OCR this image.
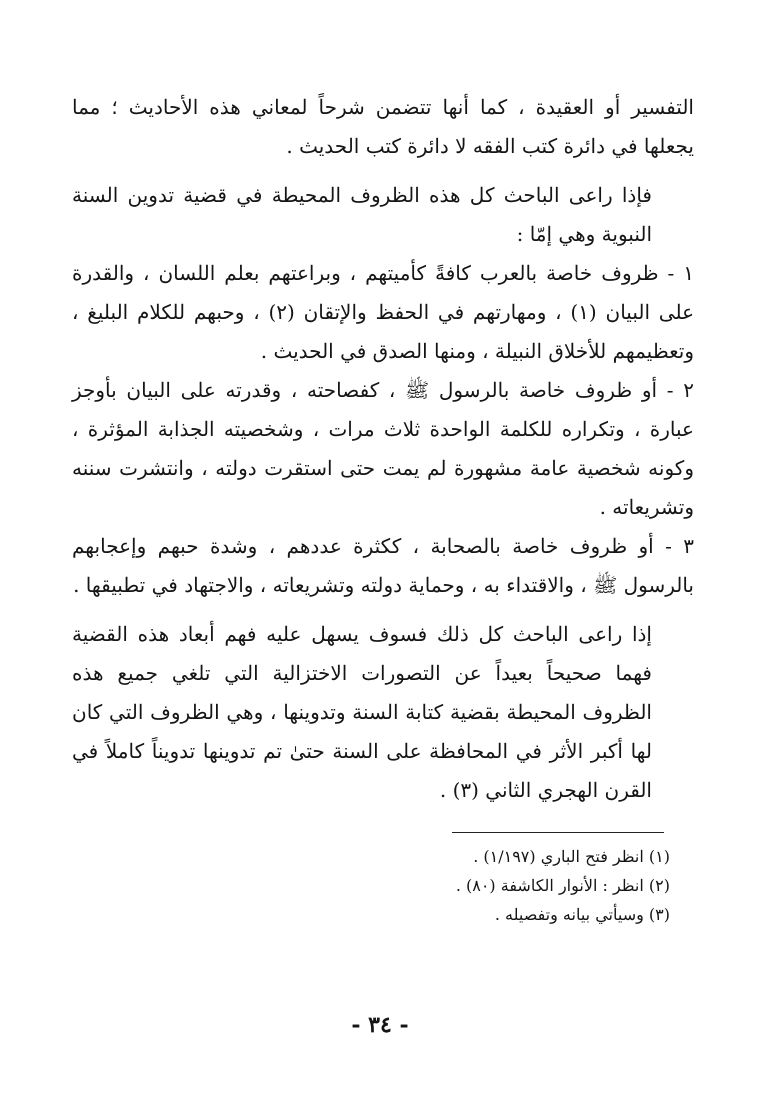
التفسير أو العقيدة ، كما أنها تتضمن شرحاً لمعاني هذه الأحاديث ؛ مما يجعلها في دائرة كتب الفقه لا دائرة كتب الحديث .

فإذا راعى الباحث كل هذه الظروف المحيطة في قضية تدوين السنة النبوية وهي إمّا :

١ - ظروف خاصة بالعرب كافةً كأميتهم ، وبراعتهم بعلم اللسان ، والقدرة على البيان (١) ، ومهارتهم في الحفظ والإتقان (٢) ، وحبهم للكلام البليغ ، وتعظيمهم للأخلاق النبيلة ، ومنها الصدق في الحديث .

٢ - أو ظروف خاصة بالرسول ﷺ ، كفصاحته ، وقدرته على البيان بأوجز عبارة ، وتكراره للكلمة الواحدة ثلاث مرات ، وشخصيته الجذابة المؤثرة ، وكونه شخصية عامة مشهورة لم يمت حتى استقرت دولته ، وانتشرت سننه وتشريعاته .

٣ - أو ظروف خاصة بالصحابة ، ككثرة عددهم ، وشدة حبهم وإعجابهم بالرسول ﷺ ، والاقتداء به ، وحماية دولته وتشريعاته ، والاجتهاد في تطبيقها .

إذا راعى الباحث كل ذلك فسوف يسهل عليه فهم أبعاد هذه القضية فهما صحيحاً بعيداً عن التصورات الاختزالية التي تلغي جميع هذه الظروف المحيطة بقضية كتابة السنة وتدوينها ، وهي الظروف التي كان لها أكبر الأثر في المحافظة على السنة حتىٰ تم تدوينها تدويناً كاملاً في القرن الهجري الثاني (٣) .

(١) انظر فتح الباري (١/١٩٧) .

(٢) انظر : الأنوار الكاشفة (٨٠) .

(٣) وسيأتي بيانه وتفصيله .

- ٣٤ -
